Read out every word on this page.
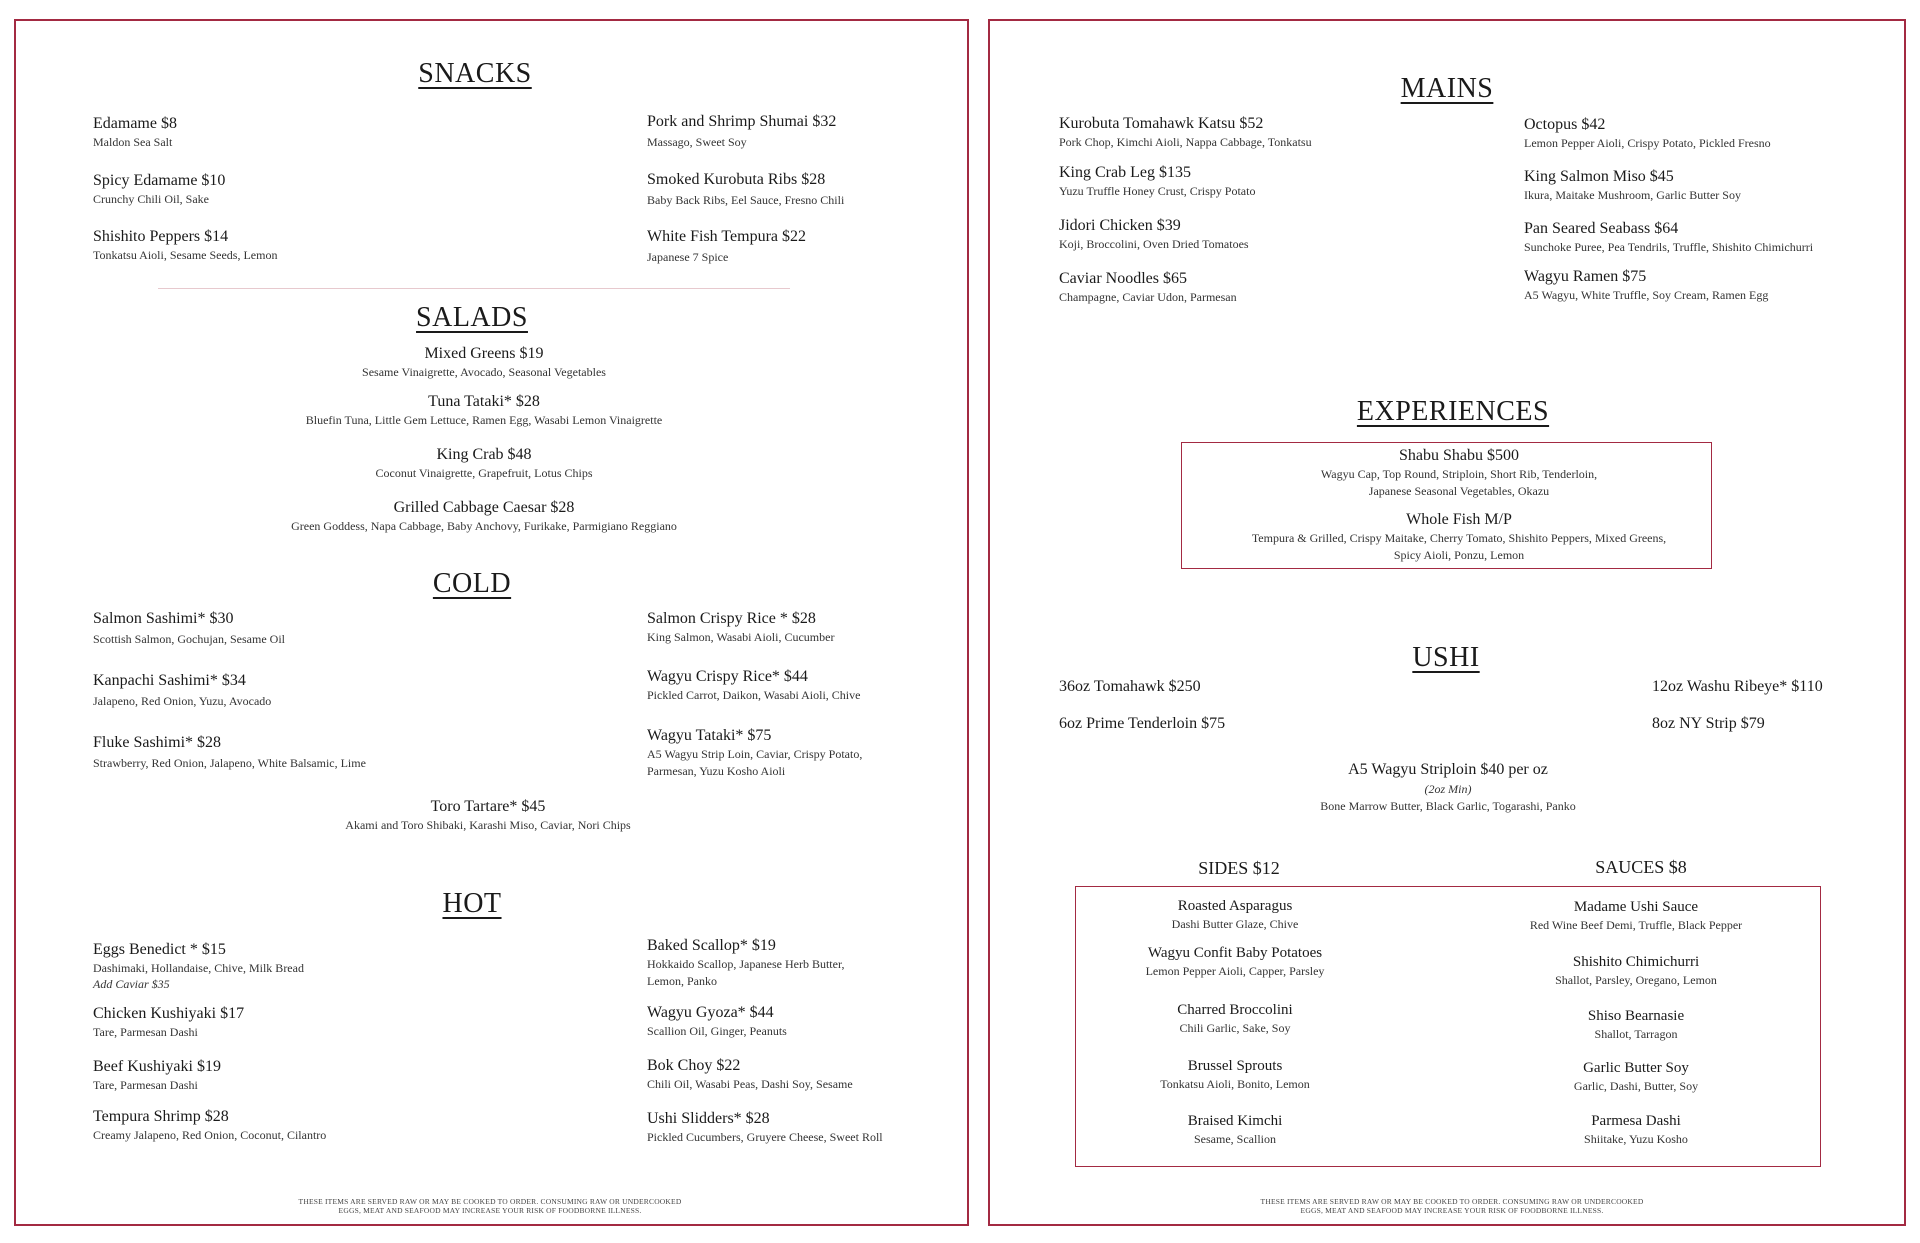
SNACKS
Edamame $8
Maldon Sea Salt
Spicy Edamame $10
Crunchy Chili Oil, Sake
Shishito Peppers $14
Tonkatsu Aioli, Sesame Seeds, Lemon
Pork and Shrimp Shumai $32
Massago, Sweet Soy
Smoked Kurobuta Ribs $28
Baby Back Ribs, Eel Sauce, Fresno Chili
White Fish Tempura $22
Japanese 7 Spice
SALADS
Mixed Greens $19
Sesame Vinaigrette, Avocado, Seasonal Vegetables
Tuna Tataki* $28
Bluefin Tuna, Little Gem Lettuce, Ramen Egg, Wasabi Lemon Vinaigrette
King Crab $48
Coconut Vinaigrette, Grapefruit, Lotus Chips
Grilled Cabbage Caesar $28
Green Goddess, Napa Cabbage, Baby Anchovy, Furikake, Parmigiano Reggiano
COLD
Salmon Sashimi* $30
Scottish Salmon, Gochujan, Sesame Oil
Kanpachi Sashimi* $34
Jalapeno, Red Onion, Yuzu, Avocado
Fluke Sashimi* $28
Strawberry, Red Onion, Jalapeno, White Balsamic, Lime
Salmon Crispy Rice * $28
King Salmon, Wasabi Aioli, Cucumber
Wagyu Crispy Rice* $44
Pickled Carrot, Daikon, Wasabi Aioli, Chive
Wagyu Tataki* $75
A5 Wagyu Strip Loin, Caviar, Crispy Potato,
Parmesan, Yuzu Kosho Aioli
Toro Tartare* $45
Akami and Toro Shibaki, Karashi Miso, Caviar, Nori Chips
HOT
Eggs Benedict * $15
Dashimaki, Hollandaise, Chive, Milk Bread
Add Caviar $35
Chicken Kushiyaki $17
Tare, Parmesan Dashi
Beef Kushiyaki $19
Tare, Parmesan Dashi
Tempura Shrimp $28
Creamy Jalapeno, Red Onion, Coconut, Cilantro
Baked Scallop* $19
Hokkaido Scallop, Japanese Herb Butter,
Lemon, Panko
Wagyu Gyoza* $44
Scallion Oil, Ginger, Peanuts
Bok Choy $22
Chili Oil, Wasabi Peas, Dashi Soy, Sesame
Ushi Slidders* $28
Pickled Cucumbers, Gruyere Cheese, Sweet Roll
THESE ITEMS ARE SERVED RAW OR MAY BE COOKED TO ORDER. CONSUMING RAW OR UNDERCOOKED
EGGS, MEAT AND SEAFOOD MAY INCREASE YOUR RISK OF FOODBORNE ILLNESS.
MAINS
Kurobuta Tomahawk Katsu $52
Pork Chop, Kimchi Aioli, Nappa Cabbage, Tonkatsu
King Crab Leg $135
Yuzu Truffle Honey Crust, Crispy Potato
Jidori Chicken $39
Koji, Broccolini, Oven Dried Tomatoes
Caviar Noodles $65
Champagne, Caviar Udon, Parmesan
Octopus $42
Lemon Pepper Aioli, Crispy Potato, Pickled Fresno
King Salmon Miso $45
Ikura, Maitake Mushroom, Garlic Butter Soy
Pan Seared Seabass $64
Sunchoke Puree, Pea Tendrils, Truffle, Shishito Chimichurri
Wagyu Ramen $75
A5 Wagyu, White Truffle, Soy Cream, Ramen Egg
EXPERIENCES
Shabu Shabu $500
Wagyu Cap, Top Round, Striploin, Short Rib, Tenderloin,
Japanese Seasonal Vegetables, Okazu
Whole Fish M/P
Tempura & Grilled, Crispy Maitake, Cherry Tomato, Shishito Peppers, Mixed Greens,
Spicy Aioli, Ponzu, Lemon
USHI
36oz Tomahawk $250
6oz Prime Tenderloin $75
12oz Washu Ribeye* $110
8oz NY Strip $79
A5 Wagyu Striploin $40 per oz
(2oz Min)
Bone Marrow Butter, Black Garlic, Togarashi, Panko
SIDES $12	SAUCES $8
Roasted Asparagus
Dashi Butter Glaze, Chive
Wagyu Confit Baby Potatoes
Lemon Pepper Aioli, Capper, Parsley
Charred Broccolini
Chili Garlic, Sake, Soy
Brussel Sprouts
Tonkatsu Aioli, Bonito, Lemon
Braised Kimchi
Sesame, Scallion
Madame Ushi Sauce
Red Wine Beef Demi, Truffle, Black Pepper
Shishito Chimichurri
Shallot, Parsley, Oregano, Lemon
Shiso Bearnasie
Shallot, Tarragon
Garlic Butter Soy
Garlic, Dashi, Butter, Soy
Parmesa Dashi
Shiitake, Yuzu Kosho
THESE ITEMS ARE SERVED RAW OR MAY BE COOKED TO ORDER. CONSUMING RAW OR UNDERCOOKED
EGGS, MEAT AND SEAFOOD MAY INCREASE YOUR RISK OF FOODBORNE ILLNESS.
